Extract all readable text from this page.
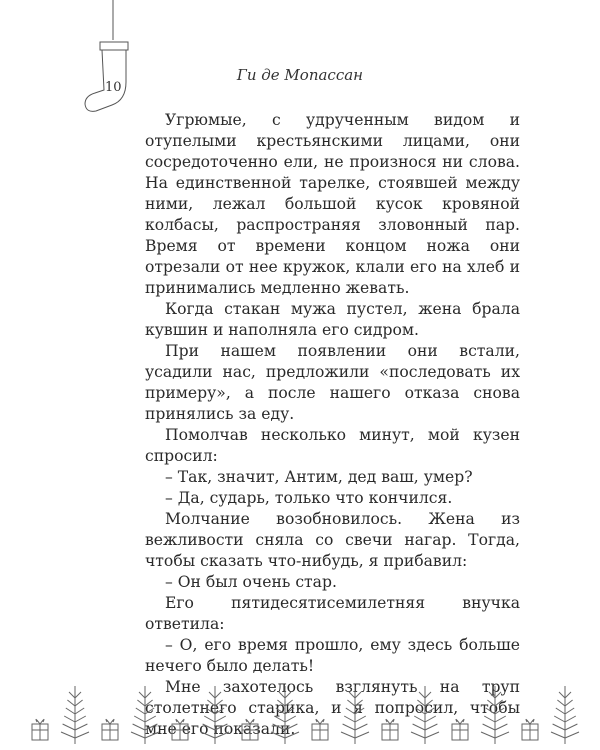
10
Ги де Мопассан

Угрюмые, с удрученным видом и отупелыми крестьянскими лицами, они сосредоточенно ели, не произнося ни слова. На единственной тарелке, стоявшей между ними, лежал большой кусок кровяной колбасы, распространяя зловонный пар. Время от времени концом ножа они отрезали от нее кружок, клали его на хлеб и принимались медленно жевать.

Когда стакан мужа пустел, жена брала кувшин и наполняла его сидром.

При нашем появлении они встали, усадили нас, предложили «последовать их примеру», а после нашего отказа снова принялись за еду.

Помолчав несколько минут, мой кузен спросил:

– Так, значит, Антим, дед ваш, умер?

– Да, сударь, только что кончился.

Молчание возобновилось. Жена из вежливости сняла со свечи нагар. Тогда, чтобы сказать что-нибудь, я прибавил:

– Он был очень стар.

Его пятидесятисемилетняя внучка ответила:

– О, его время прошло, ему здесь больше нечего было делать!

Мне захотелось взглянуть на труп столетнего старика, и я попросил, чтобы мне его показали.
